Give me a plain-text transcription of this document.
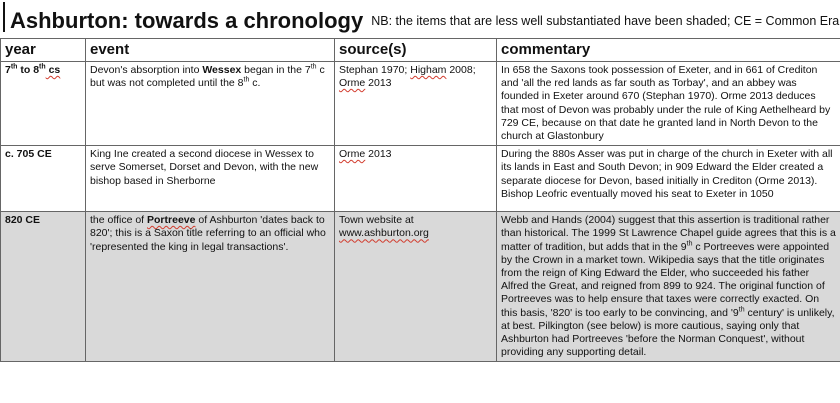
Ashburton: towards a chronology NB: the items that are less well substantiated have been shaded; CE = Common Era
year	event	source(s)	commentary
7th to 8th cs	Devon's absorption into Wessex began in the 7th c but was not completed until the 8th c.	Stephan 1970; Higham 2008; Orme 2013	In 658 the Saxons took possession of Exeter, and in 661 of Crediton and 'all the red lands as far south as Torbay', and an abbey was founded in Exeter around 670 (Stephan 1970). Orme 2013 deduces that most of Devon was probably under the rule of King Aethelheard by 729 CE, because on that date he granted land in North Devon to the church at Glastonbury
c. 705 CE	King Ine created a second diocese in Wessex to serve Somerset, Dorset and Devon, with the new bishop based in Sherborne	Orme 2013	During the 880s Asser was put in charge of the church in Exeter with all its lands in East and South Devon; in 909 Edward the Elder created a separate diocese for Devon, based initially in Crediton (Orme 2013). Bishop Leofric eventually moved his seat to Exeter in 1050
820 CE	the office of Portreeve of Ashburton 'dates back to 820'; this is a Saxon title referring to an official who 'represented the king in legal transactions'.	Town website at www.ashburton.org	Webb and Hands (2004) suggest that this assertion is traditional rather than historical. The 1999 St Lawrence Chapel guide agrees that this is a matter of tradition, but adds that in the 9th c Portreeves were appointed by the Crown in a market town. Wikipedia says that the title originates from the reign of King Edward the Elder, who succeeded his father Alfred the Great, and reigned from 899 to 924. The original function of Portreeves was to help ensure that taxes were correctly exacted. On this basis, '820' is too early to be convincing, and '9th century' is unlikely, at best. Pilkington (see below) is more cautious, saying only that Ashburton had Portreeves 'before the Norman Conquest', without providing any supporting detail.
